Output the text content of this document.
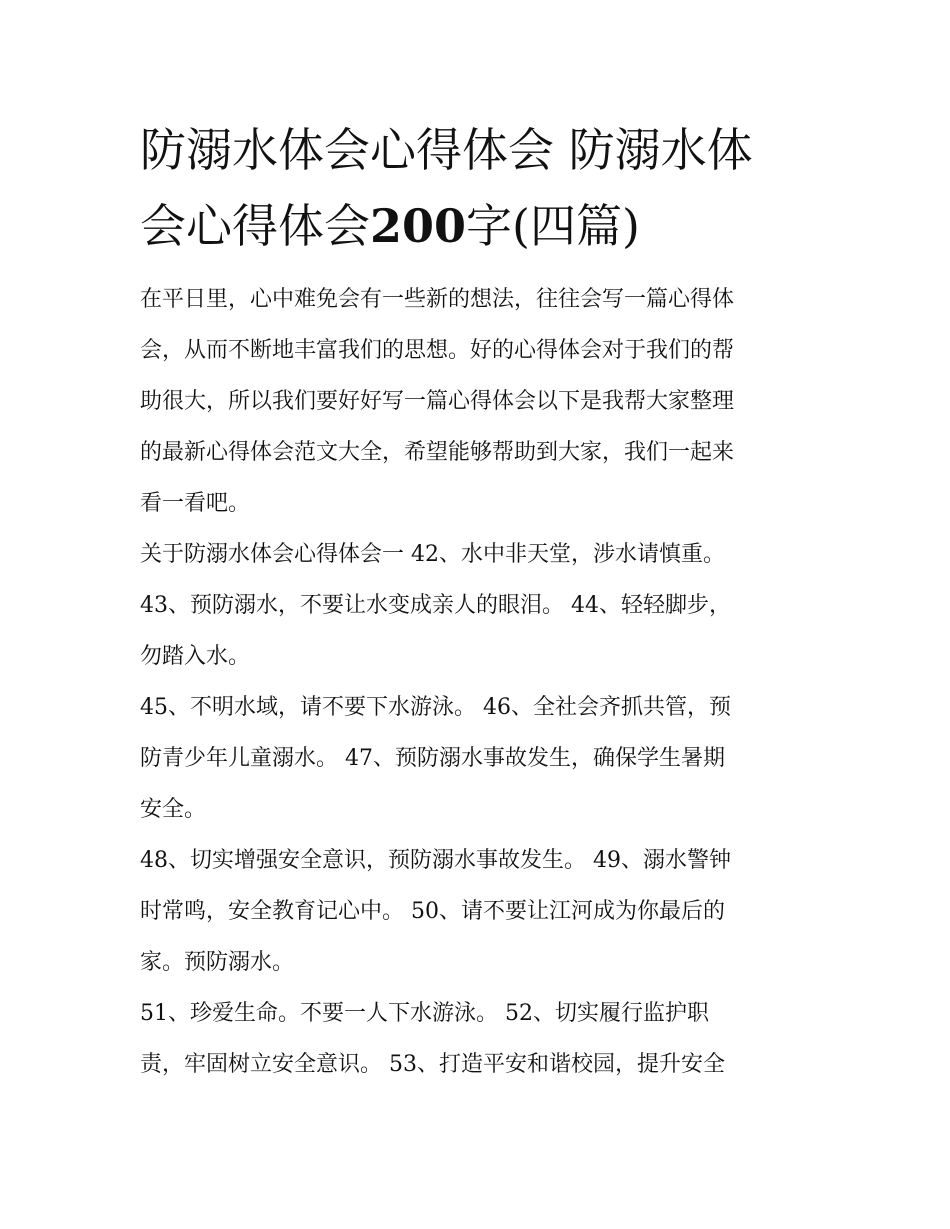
防溺水体会心得体会 防溺水体
会心得体会200字(四篇)

在平日里，心中难免会有一些新的想法，往往会写一篇心得体
会，从而不断地丰富我们的思想。好的心得体会对于我们的帮
助很大，所以我们要好好写一篇心得体会以下是我帮大家整理
的最新心得体会范文大全，希望能够帮助到大家，我们一起来
看一看吧。

关于防溺水体会心得体会一 42、水中非天堂，涉水请慎重。
43、预防溺水，不要让水变成亲人的眼泪。 44、轻轻脚步，
勿踏入水。

45、不明水域，请不要下水游泳。 46、全社会齐抓共管，预
防青少年儿童溺水。 47、预防溺水事故发生，确保学生暑期
安全。

48、切实增强安全意识，预防溺水事故发生。 49、溺水警钟
时常鸣，安全教育记心中。 50、请不要让江河成为你最后的
家。预防溺水。

51、珍爱生命。不要一人下水游泳。 52、切实履行监护职
责，牢固树立安全意识。 53、打造平安和谐校园，提升安全
